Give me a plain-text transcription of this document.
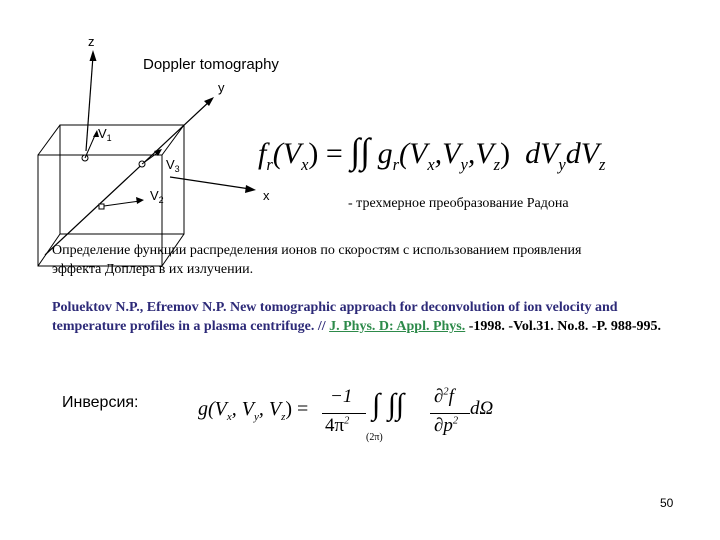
z
Doppler tomography
y
x
$V_1$
$V_3$
$V_2$
$f_r(V_x)$ = ∫∫ $g_r(V_x,V_y,V_z)$ $dV_ydV_z$
- трехмерное преобразование Радона
Определение функции распределения ионов по скоростям с использованием проявления
эффекта Доплера в их излучении.
Poluektov N.P., Efremov N.P. New tomographic approach for deconvolution of ion velocity and temperature profiles in a plasma centrifuge. // J. Phys. D: Appl. Phys. -1998. -Vol.31. No.8. -P. 988-995.
Инверсия:	$g(V_x$, $V_y$, $V_z$) =
−1
$4\pi^2$
∫ ∫∫
(2π)
∂$^2$f
$\partial p^2$
dΩ
50
